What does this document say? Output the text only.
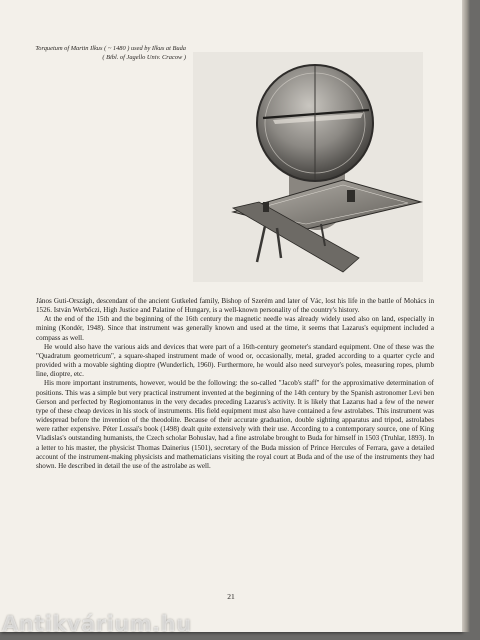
Torquetum of Martin Ilkus ( ~ 1480 ) used by Ilkus at Buda
( Bibl. of Jagello Univ. Cracow )

János Guti-Országh, descendant of the ancient Gutkeled family, Bishop of Szerém and later of Vác, lost his life in the battle of Mohács in 1526. István Werbőczi, High Justice and Palatine of Hungary, is a well-known personality of the country's history.

At the end of the 15th and the beginning of the 16th century the magnetic needle was already widely used also on land, especially in mining (Kondér, 1948). Since that instrument was generally known and used at the time, it seems that Lazarus's equipment included a compass as well.

He would also have the various aids and devices that were part of a 16th-century geometer's standard equipment. One of these was the "Quadratum geometricum", a square-shaped instrument made of wood or, occasionally, metal, graded according to a quarter cycle and provided with a movable sighting dioptre (Wunderlich, 1960). Furthermore, he would also need surveyor's poles, measuring ropes, plumb line, dioptre, etc.

His more important instruments, however, would be the following: the so-called "Jacob's staff" for the approximative determination of positions. This was a simple but very practical instrument invented at the beginning of the 14th century by the Spanish astronomer Levi ben Gerson and perfected by Regiomontanus in the very decades preceding Lazarus's activity. It is likely that Lazarus had a few of the newer type of these cheap devices in his stock of instruments. His field equipment must also have contained a few astrolabes. This instrument was widespread before the invention of the theodolite. Because of their accurate graduation, double sighting apparatus and tripod, astrolabes were rather expensive. Péter Lossai's book (1498) dealt quite extensively with their use. According to a contemporary source, one of King Vladislas's outstanding humanists, the Czech scholar Bohuslav, had a fine astrolabe brought to Buda for himself in 1503 (Truhlar, 1893). In a letter to his master, the physicist Thomas Dainerius (1501), secretary of the Buda mission of Prince Hercules of Ferrara, gave a detailed account of the instrument-making physicists and mathematicians visiting the royal court at Buda and of the use of the instruments they had shown. He described in detail the use of the astrolabe as well.

21
Antikvárium.hu
